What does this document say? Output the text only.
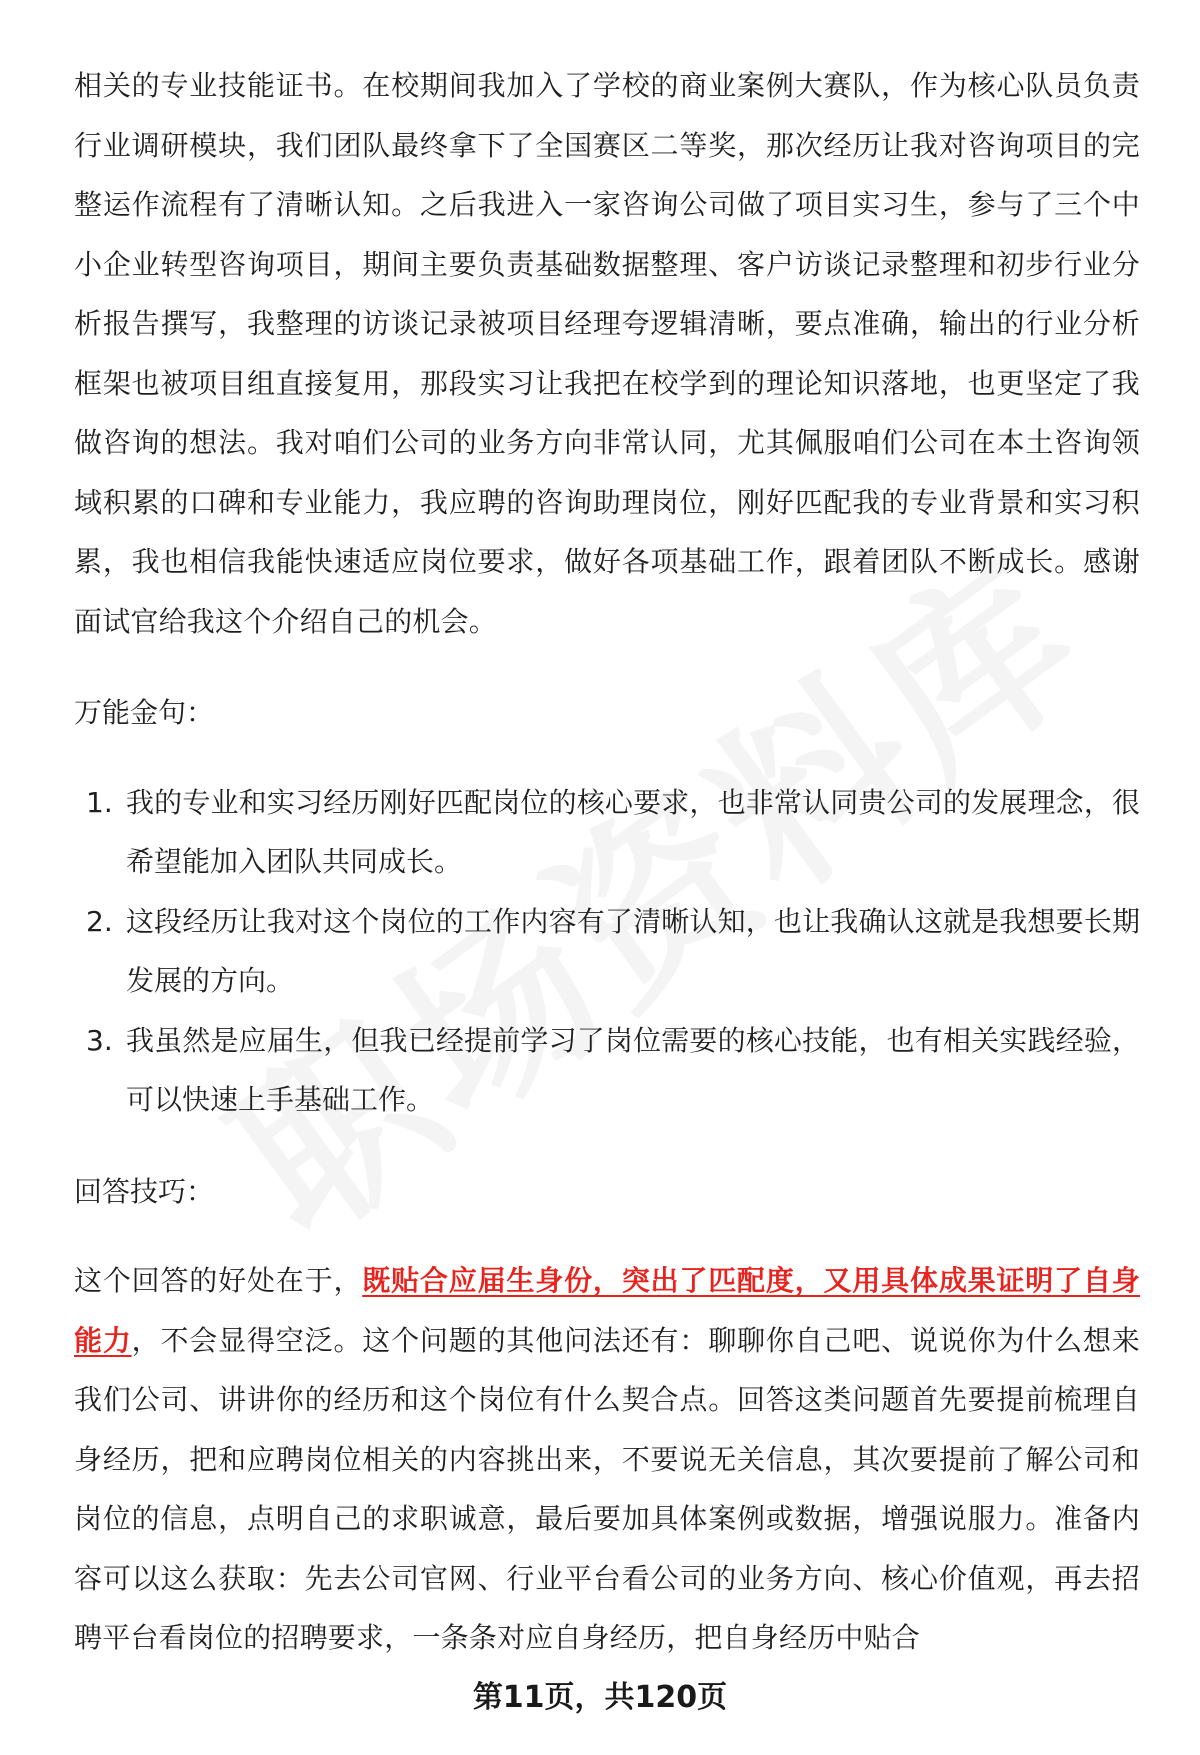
相关的专业技能证书。在校期间我加入了学校的商业案例大赛队，作为核心队员负责行业调研模块，我们团队最终拿下了全国赛区二等奖，那次经历让我对咨询项目的完整运作流程有了清晰认知。之后我进入一家咨询公司做了项目实习生，参与了三个中小企业转型咨询项目，期间主要负责基础数据整理、客户访谈记录整理和初步行业分析报告撰写，我整理的访谈记录被项目经理夸逻辑清晰，要点准确，输出的行业分析框架也被项目组直接复用，那段实习让我把在校学到的理论知识落地，也更坚定了我做咨询的想法。我对咱们公司的业务方向非常认同，尤其佩服咱们公司在本土咨询领域积累的口碑和专业能力，我应聘的咨询助理岗位，刚好匹配我的专业背景和实习积累，我也相信我能快速适应岗位要求，做好各项基础工作，跟着团队不断成长。感谢面试官给我这个介绍自己的机会。

万能金句：

1. 我的专业和实习经历刚好匹配岗位的核心要求，也非常认同贵公司的发展理念，很希望能加入团队共同成长。
2. 这段经历让我对这个岗位的工作内容有了清晰认知，也让我确认这就是我想要长期发展的方向。
3. 我虽然是应届生，但我已经提前学习了岗位需要的核心技能，也有相关实践经验，可以快速上手基础工作。

回答技巧：

这个回答的好处在于，既贴合应届生身份，突出了匹配度，又用具体成果证明了自身能力，不会显得空泛。这个问题的其他问法还有：聊聊你自己吧、说说你为什么想来我们公司、讲讲你的经历和这个岗位有什么契合点。回答这类问题首先要提前梳理自身经历，把和应聘岗位相关的内容挑出来，不要说无关信息，其次要提前了解公司和岗位的信息，点明自己的求职诚意，最后要加具体案例或数据，增强说服力。准备内容可以这么获取：先去公司官网、行业平台看公司的业务方向、核心价值观，再去招聘平台看岗位的招聘要求，一条条对应自身经历，把自身经历中贴合

第11页，共120页
